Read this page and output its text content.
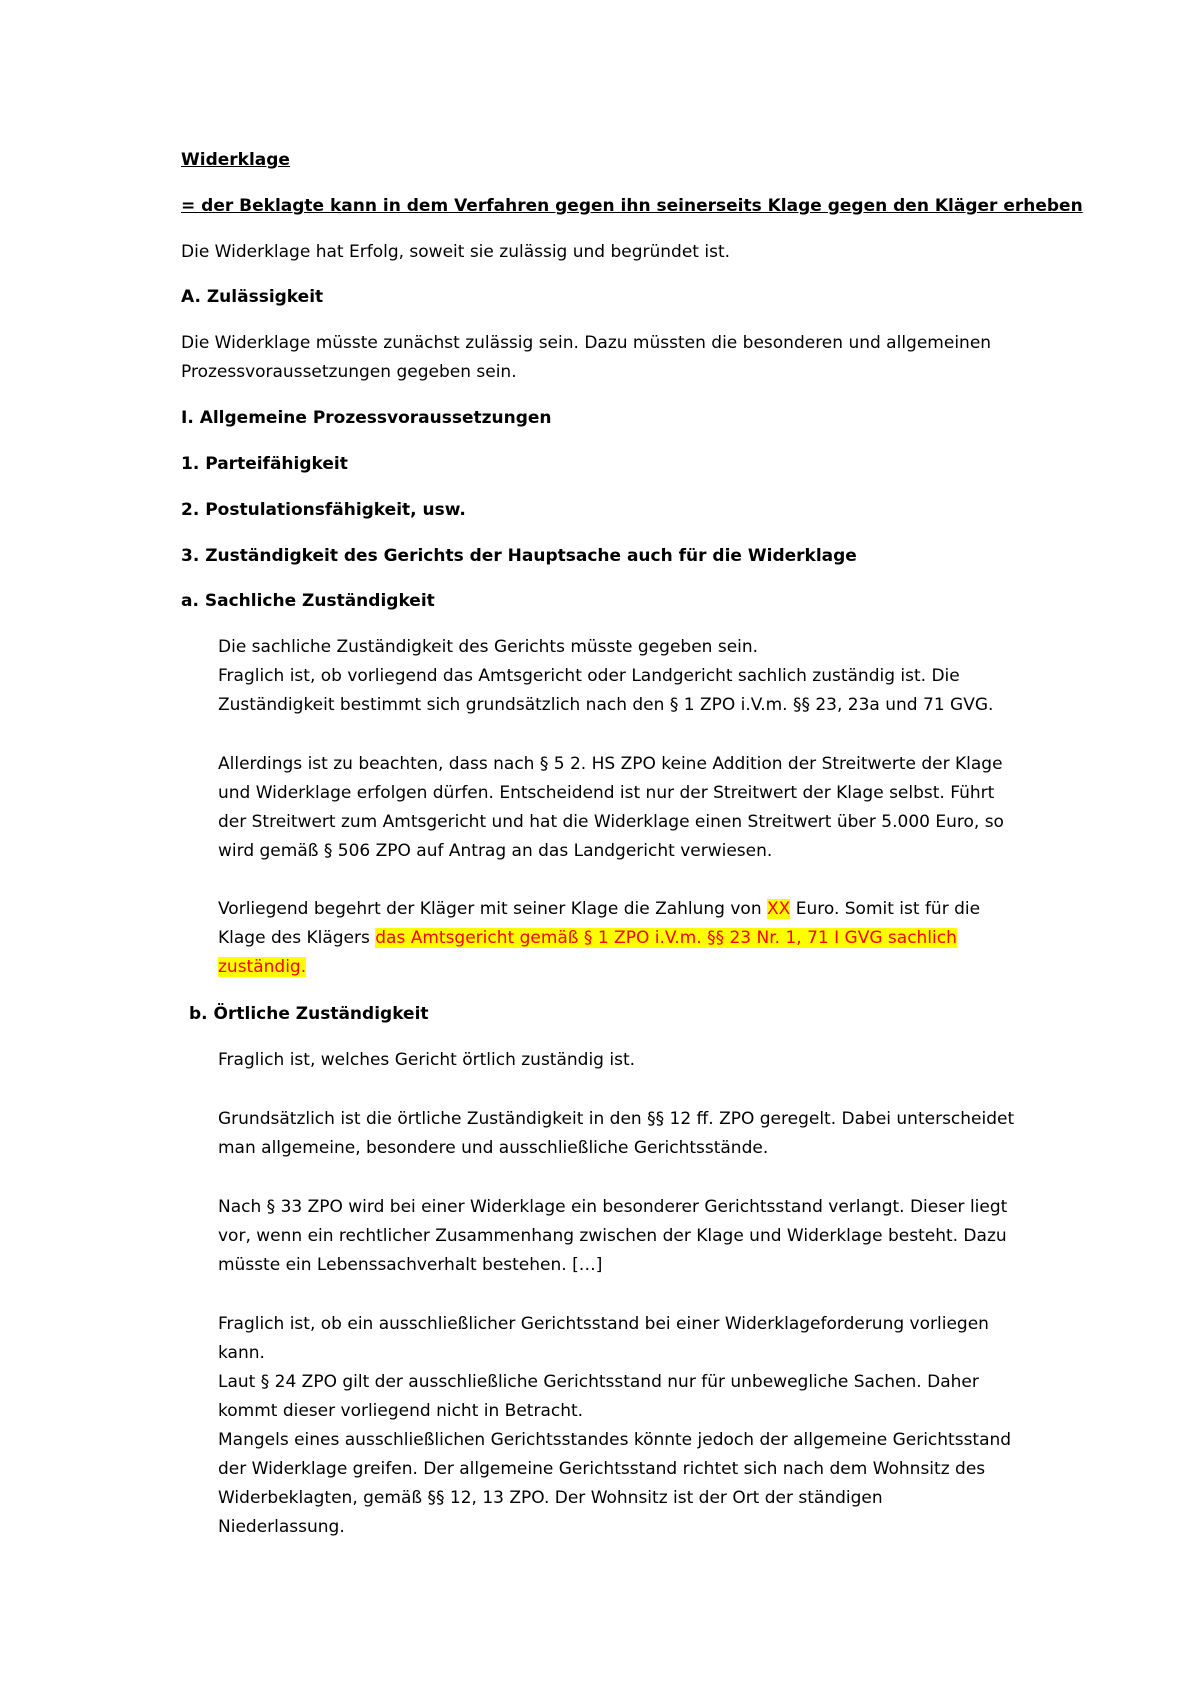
Widerklage
= der Beklagte kann in dem Verfahren gegen ihn seinerseits Klage gegen den Kläger erheben
Die Widerklage hat Erfolg, soweit sie zulässig und begründet ist.
A. Zulässigkeit
Die Widerklage müsste zunächst zulässig sein. Dazu müssten die besonderen und allgemeinen
Prozessvoraussetzungen gegeben sein.
I. Allgemeine Prozessvoraussetzungen
1. Parteifähigkeit
2. Postulationsfähigkeit, usw.
3. Zuständigkeit des Gerichts der Hauptsache auch für die Widerklage
a. Sachliche Zuständigkeit
Die sachliche Zuständigkeit des Gerichts müsste gegeben sein.
Fraglich ist, ob vorliegend das Amtsgericht oder Landgericht sachlich zuständig ist. Die
Zuständigkeit bestimmt sich grundsätzlich nach den § 1 ZPO i.V.m. §§ 23, 23a und 71 GVG.
Allerdings ist zu beachten, dass nach § 5 2. HS ZPO keine Addition der Streitwerte der Klage
und Widerklage erfolgen dürfen. Entscheidend ist nur der Streitwert der Klage selbst. Führt
der Streitwert zum Amtsgericht und hat die Widerklage einen Streitwert über 5.000 Euro, so
wird gemäß § 506 ZPO auf Antrag an das Landgericht verwiesen.
Vorliegend begehrt der Kläger mit seiner Klage die Zahlung von XX Euro. Somit ist für die
Klage des Klägers das Amtsgericht gemäß § 1 ZPO i.V.m. §§ 23 Nr. 1, 71 I GVG sachlich
zuständig.
b. Örtliche Zuständigkeit
Fraglich ist, welches Gericht örtlich zuständig ist.
Grundsätzlich ist die örtliche Zuständigkeit in den §§ 12 ff. ZPO geregelt. Dabei unterscheidet
man allgemeine, besondere und ausschließliche Gerichtsstände.
Nach § 33 ZPO wird bei einer Widerklage ein besonderer Gerichtsstand verlangt. Dieser liegt
vor, wenn ein rechtlicher Zusammenhang zwischen der Klage und Widerklage besteht. Dazu
müsste ein Lebenssachverhalt bestehen. […]
Fraglich ist, ob ein ausschließlicher Gerichtsstand bei einer Widerklageforderung vorliegen
kann.
Laut § 24 ZPO gilt der ausschließliche Gerichtsstand nur für unbewegliche Sachen. Daher
kommt dieser vorliegend nicht in Betracht.
Mangels eines ausschließlichen Gerichtsstandes könnte jedoch der allgemeine Gerichtsstand
der Widerklage greifen. Der allgemeine Gerichtsstand richtet sich nach dem Wohnsitz des
Widerbeklagten, gemäß §§ 12, 13 ZPO. Der Wohnsitz ist der Ort der ständigen
Niederlassung.
